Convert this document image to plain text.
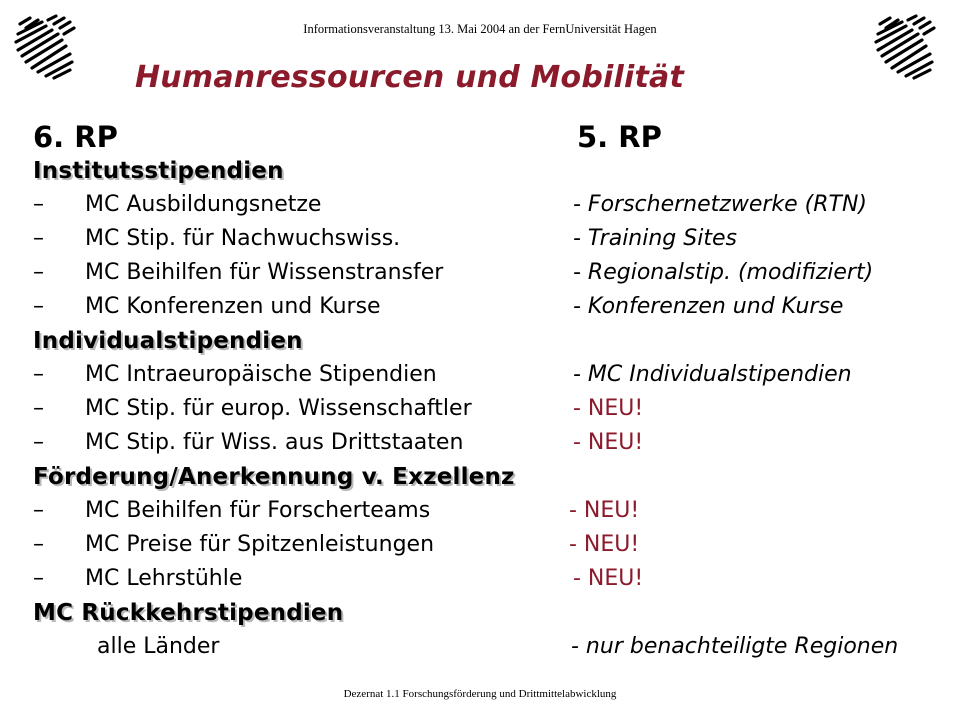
Informationsveranstaltung 13. Mai 2004 an der FernUniversität Hagen
Humanressourcen und Mobilität
6. RP	5. RP
Institutsstipendien
– MC Ausbildungsnetze	- Forschernetzwerke (RTN)
– MC Stip. für Nachwuchswiss.	- Training Sites
– MC Beihilfen für Wissenstransfer	- Regionalstip. (modifiziert)
– MC Konferenzen und Kurse	- Konferenzen und Kurse
Individualstipendien
– MC Intraeuropäische Stipendien	- MC Individualstipendien
– MC Stip. für europ. Wissenschaftler	- NEU!
– MC Stip. für Wiss. aus Drittstaaten	- NEU!
Förderung/Anerkennung v. Exzellenz
– MC Beihilfen für Forscherteams	- NEU!
– MC Preise für Spitzenleistungen	- NEU!
– MC Lehrstühle	- NEU!
MC Rückkehrstipendien
alle Länder	- nur benachteiligte Regionen
Dezernat 1.1 Forschungsförderung und Drittmittelabwicklung
